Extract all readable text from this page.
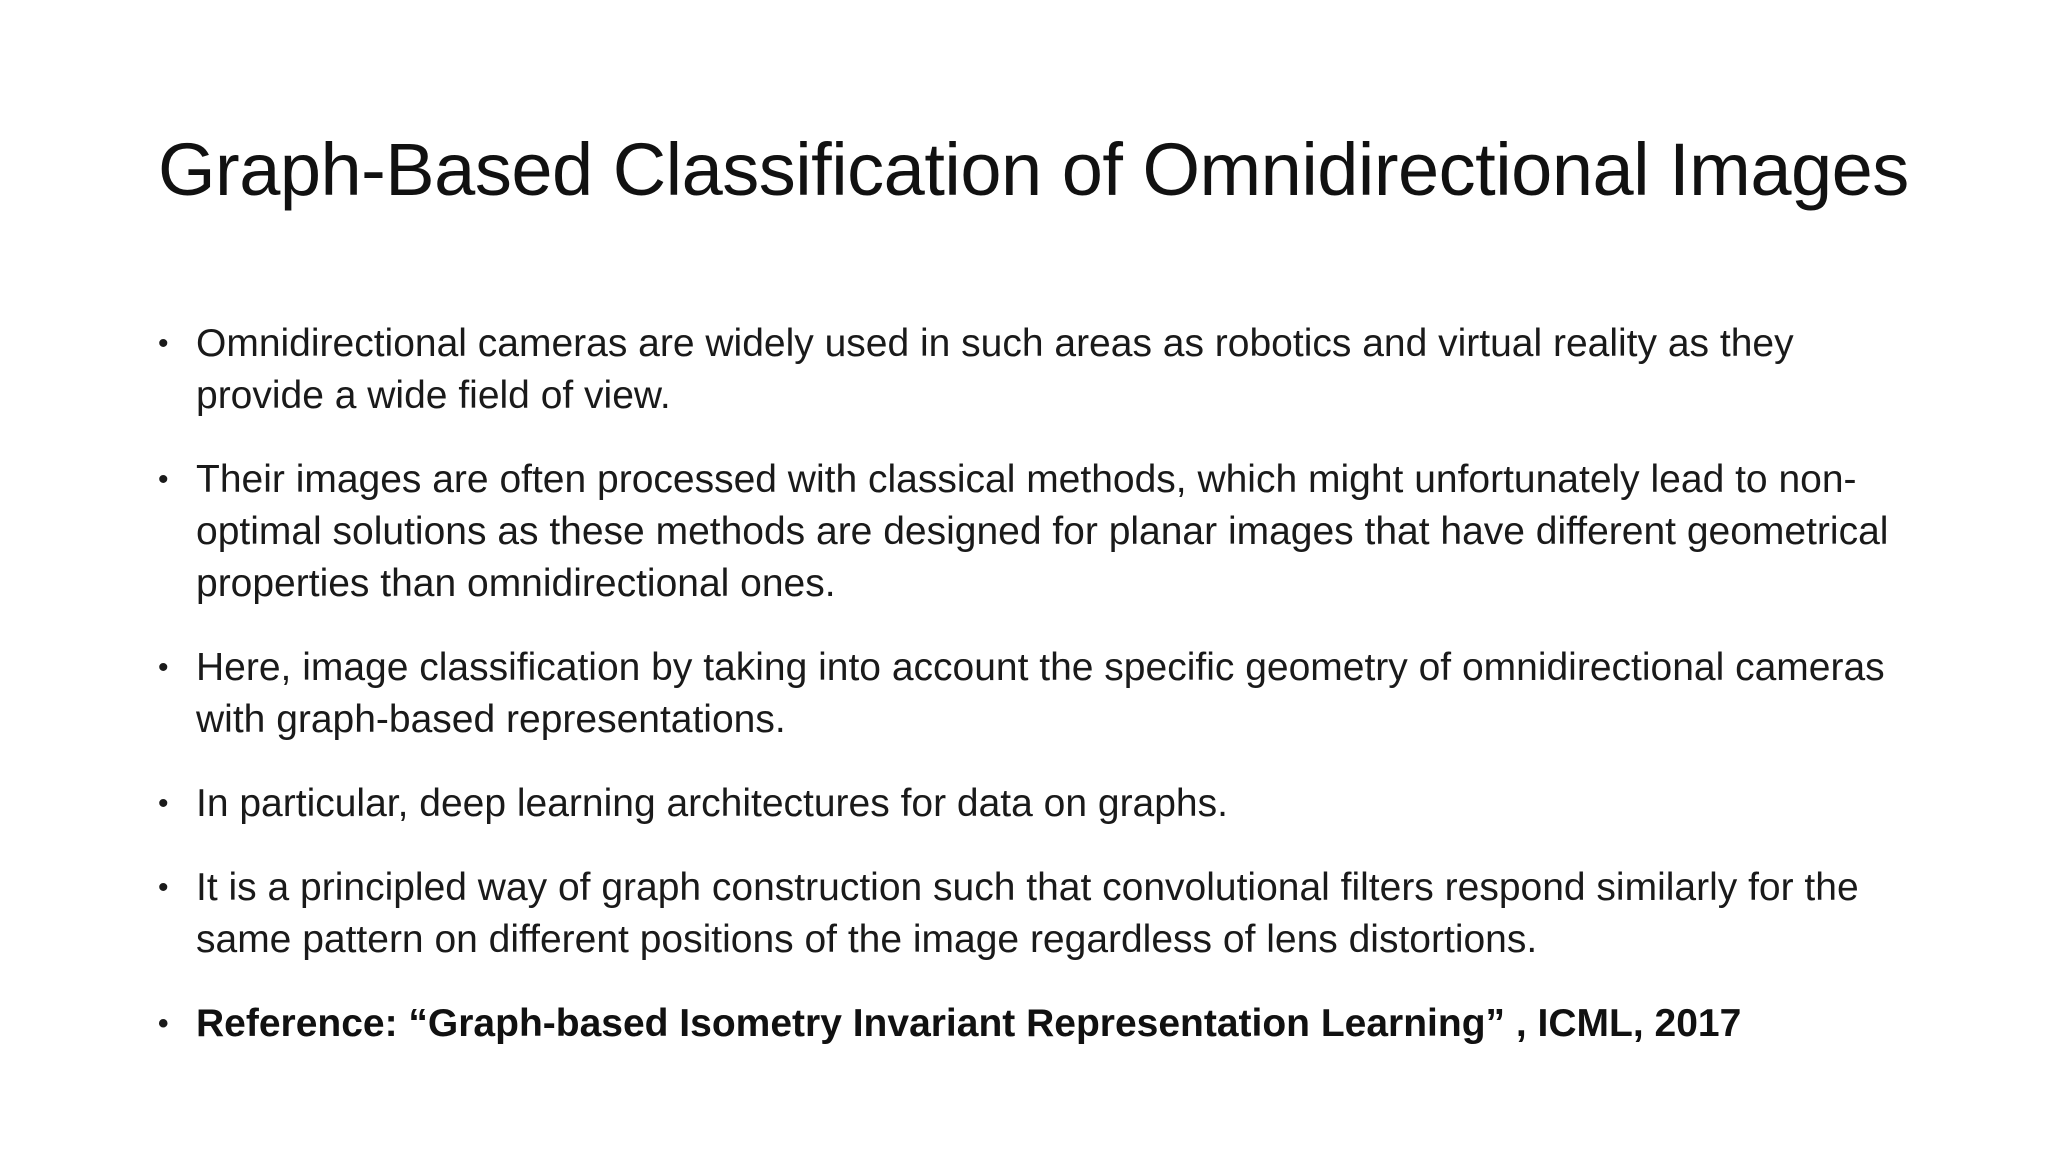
Graph-Based Classification of Omnidirectional Images
• Omnidirectional cameras are widely used in such areas as robotics and virtual reality as they provide a wide field of view.
• Their images are often processed with classical methods, which might unfortunately lead to non-optimal solutions as these methods are designed for planar images that have different geometrical properties than omnidirectional ones.
• Here, image classification by taking into account the specific geometry of omnidirectional cameras with graph-based representations.
• In particular, deep learning architectures for data on graphs.
• It is a principled way of graph construction such that convolutional filters respond similarly for the same pattern on different positions of the image regardless of lens distortions.
• Reference: “Graph-based Isometry Invariant Representation Learning” , ICML, 2017
